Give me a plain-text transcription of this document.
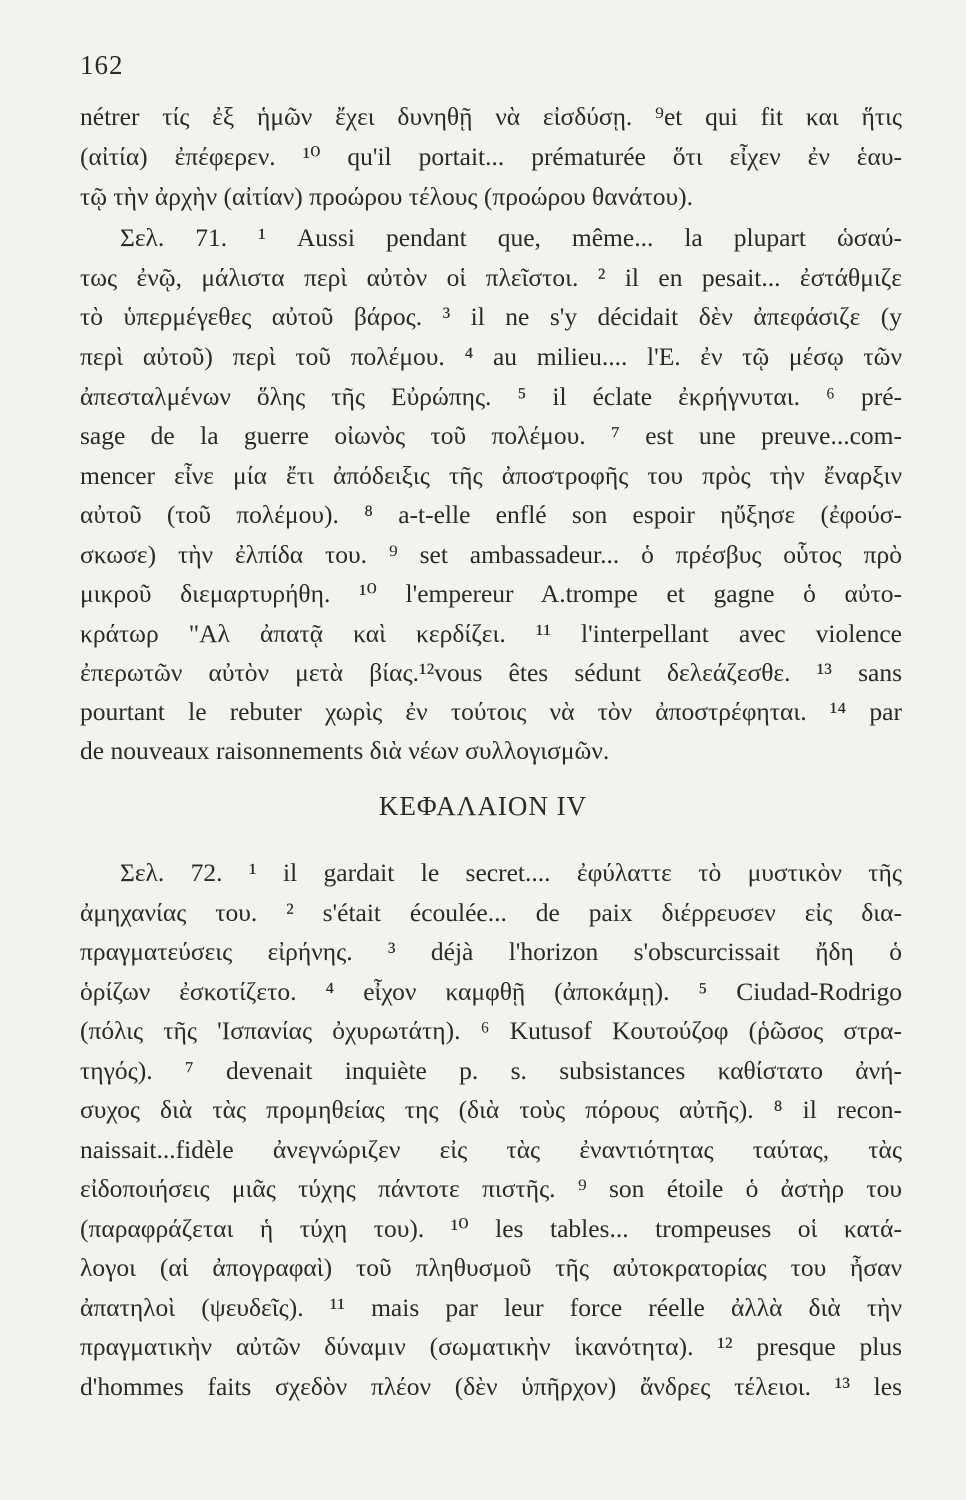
162
nétrer τίς ἐξ ἡμῶν ἔχει δυνηθῇ νὰ εἰσδύσῃ. ⁹et qui fit και ἥτις
(αἰτία) ἐπέφερεν. ¹⁰ qu'il portait... prématurée ὅτι εἶχεν ἐν ἑαυ-
τῷ τὴν ἀρχὴν (αἰτίαν) προώρου τέλους (προώρου θανάτου).
Σελ. 71. ¹ Aussi pendant que, même... la plupart ὡσαύ-
τως ἐνῷ, μάλιστα περὶ αὐτὸν οἱ πλεῖστοι. ² il en pesait... ἐστάθμιζε
τὸ ὑπερμέγεθες αὐτοῦ βάρος. ³ il ne s'y décidait δὲν ἀπεφάσιζε (y
περὶ αὐτοῦ) περὶ τοῦ πολέμου. ⁴ au milieu.... l'E. ἐν τῷ μέσῳ τῶν
ἀπεσταλμένων ὅλης τῆς Εὐρώπης. ⁵ il éclate ἐκρήγνυται. ⁶ pré-
sage de la guerre οἰωνὸς τοῦ πολέμου. ⁷ est une preuve...com-
mencer εἶνε μία ἔτι ἀπόδειξις τῆς ἀποστροφῆς του πρὸς τὴν ἔναρξιν
αὐτοῦ (τοῦ πολέμου). ⁸ a-t-elle enflé son espoir ηὔξησε (ἐφούσ-
σκωσε) τὴν ἐλπίδα του. ⁹ set ambassadeur... ὁ πρέσβυς οὗτος πρὸ
μικροῦ διεμαρτυρήθη. ¹⁰ l'empereur A.trompe et gagne ὁ αὐτο-
κράτωρ "Αλ ἀπατᾷ καὶ κερδίζει. ¹¹ l'interpellant avec violence
ἐπερωτῶν αὐτὸν μετὰ βίας.¹²vous êtes sédunt δελεάζεσθε. ¹³ sans
pourtant le rebuter χωρὶς ἐν τούτοις νὰ τὸν ἀποστρέφηται. ¹⁴ par
de nouveaux raisonnements διὰ νέων συλλογισμῶν.
ΚΕΦΑΛΑΙΟΝ IV
Σελ. 72. ¹ il gardait le secret.... ἐφύλαττε τὸ μυστικὸν τῆς
ἀμηχανίας του. ² s'était écoulée... de paix διέρρευσεν εἰς δια-
πραγματεύσεις εἰρήνης. ³ déjà l'horizon s'obscurcissait ἤδη ὁ
ὁρίζων ἐσκοτίζετο. ⁴ eἶχον καμφθῇ (ἀποκάμῃ). ⁵ Ciudad-Rodrigo
(πόλις τῆς 'Ισπανίας ὀχυρωτάτη). ⁶ Kutusof Κουτούζοφ (ῥῶσος στρα-
τηγός). ⁷ devenait inquiète p. s. subsistances καθίστατο ἀνή-
συχος διὰ τὰς προμηθείας της (διὰ τοὺς πόρους αὐτῆς). ⁸ il recon-
naissait...fidèle ἀνεγνώριζεν εἰς τὰς ἐναντιότητας ταύτας, τὰς
εἰδοποιήσεις μιᾶς τύχης πάντοτε πιστῆς. ⁹ son étoile ὁ ἀστὴρ του
(παραφράζεται ἡ τύχη του). ¹⁰ les tables... trompeuses οἱ κατά-
λογοι (αἱ ἀπογραφαὶ) τοῦ πληθυσμοῦ τῆς αὐτοκρατορίας του ἦσαν
ἀπατηλοὶ (ψευδεῖς). ¹¹ mais par leur force réelle ἀλλὰ διὰ τὴν
πραγματικὴν αὐτῶν δύναμιν (σωματικὴν ἱκανότητα). ¹² presque plus
d'hommes faits σχεδὸν πλέον (δὲν ὑπῆρχον) ἄνδρες τέλειοι. ¹³ les
